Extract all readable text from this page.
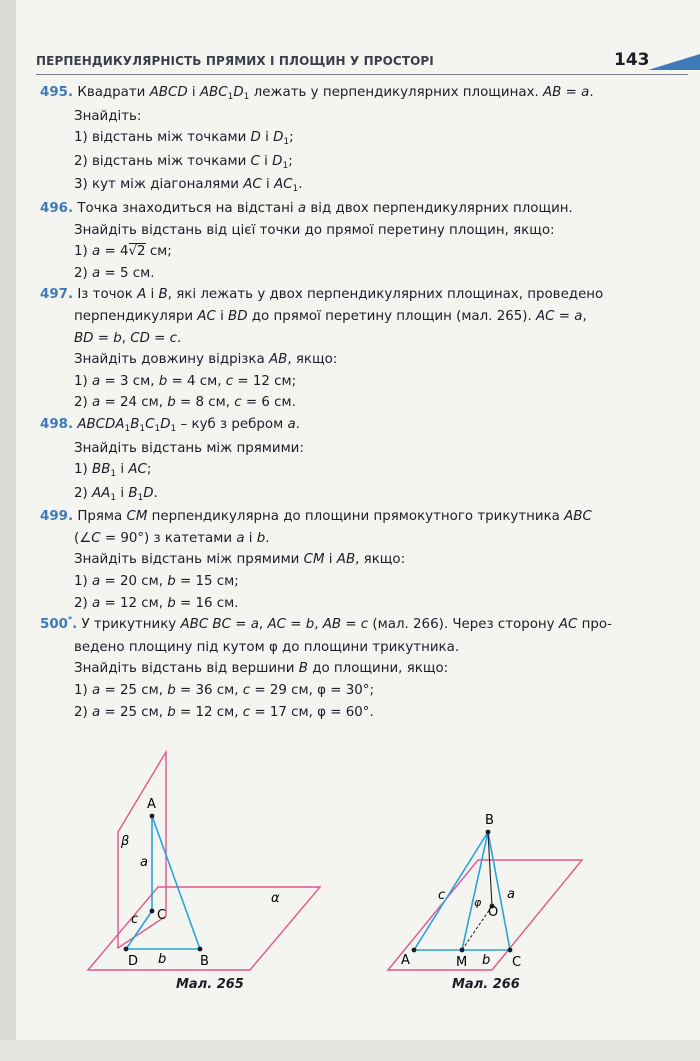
ПЕРПЕНДИКУЛЯРНІСТЬ ПРЯМИХ І ПЛОЩИН У ПРОСТОРІ	143
495. Квадрати ABCD і $ABC_1D_1$ лежать у перпендикулярних площинах. AB = a.
Знайдіть:
1) відстань між точками D і $D_1$;
2) відстань між точками C і $D_1$;
3) кут між діагоналями AC і $AC_1$.
496. Точка знаходиться на відстані a від двох перпендикулярних площин.
Знайдіть відстань від цієї точки до прямої перетину площин, якщо:
1) a = 4√2 см;
2) a = 5 см.
497. Із точок A і B, які лежать у двох перпендикулярних площинах, проведено
перпендикуляри AC і BD до прямої перетину площин (мал. 265). AC = a,
BD = b, CD = c.
Знайдіть довжину відрізка AB, якщо:
1) a = 3 см, b = 4 см, c = 12 см;
2) a = 24 см, b = 8 см, c = 6 см.
498. $ABCDA_1B_1C_1D_1$ – куб з ребром a.
Знайдіть відстань між прямими:
1) $BB_1$ і AC;
2) $AA_1$ і $B_1D$.
499. Пряма CM перпендикулярна до площини прямокутного трикутника ABC
(∠C = 90°) з катетами a і b.
Знайдіть відстань між прямими CM і AB, якщо:
1) a = 20 см, b = 15 см;
2) a = 12 см, b = 16 см.
500*. У трикутнику ABC BC = a, AC = b, AB = c (мал. 266). Через сторону AC про-
ведено площину під кутом φ до площини трикутника.
Знайдіть відстань від вершини B до площини, якщо:
1) a = 25 см, b = 36 см, c = 29 см, φ = 30°;
2) a = 25 см, b = 12 см, c = 17 см, φ = 60°.
A
β
a
c C
α
D b	B
Мал. 265
B
c	φ
O
a
A	M b C
Мал. 266
